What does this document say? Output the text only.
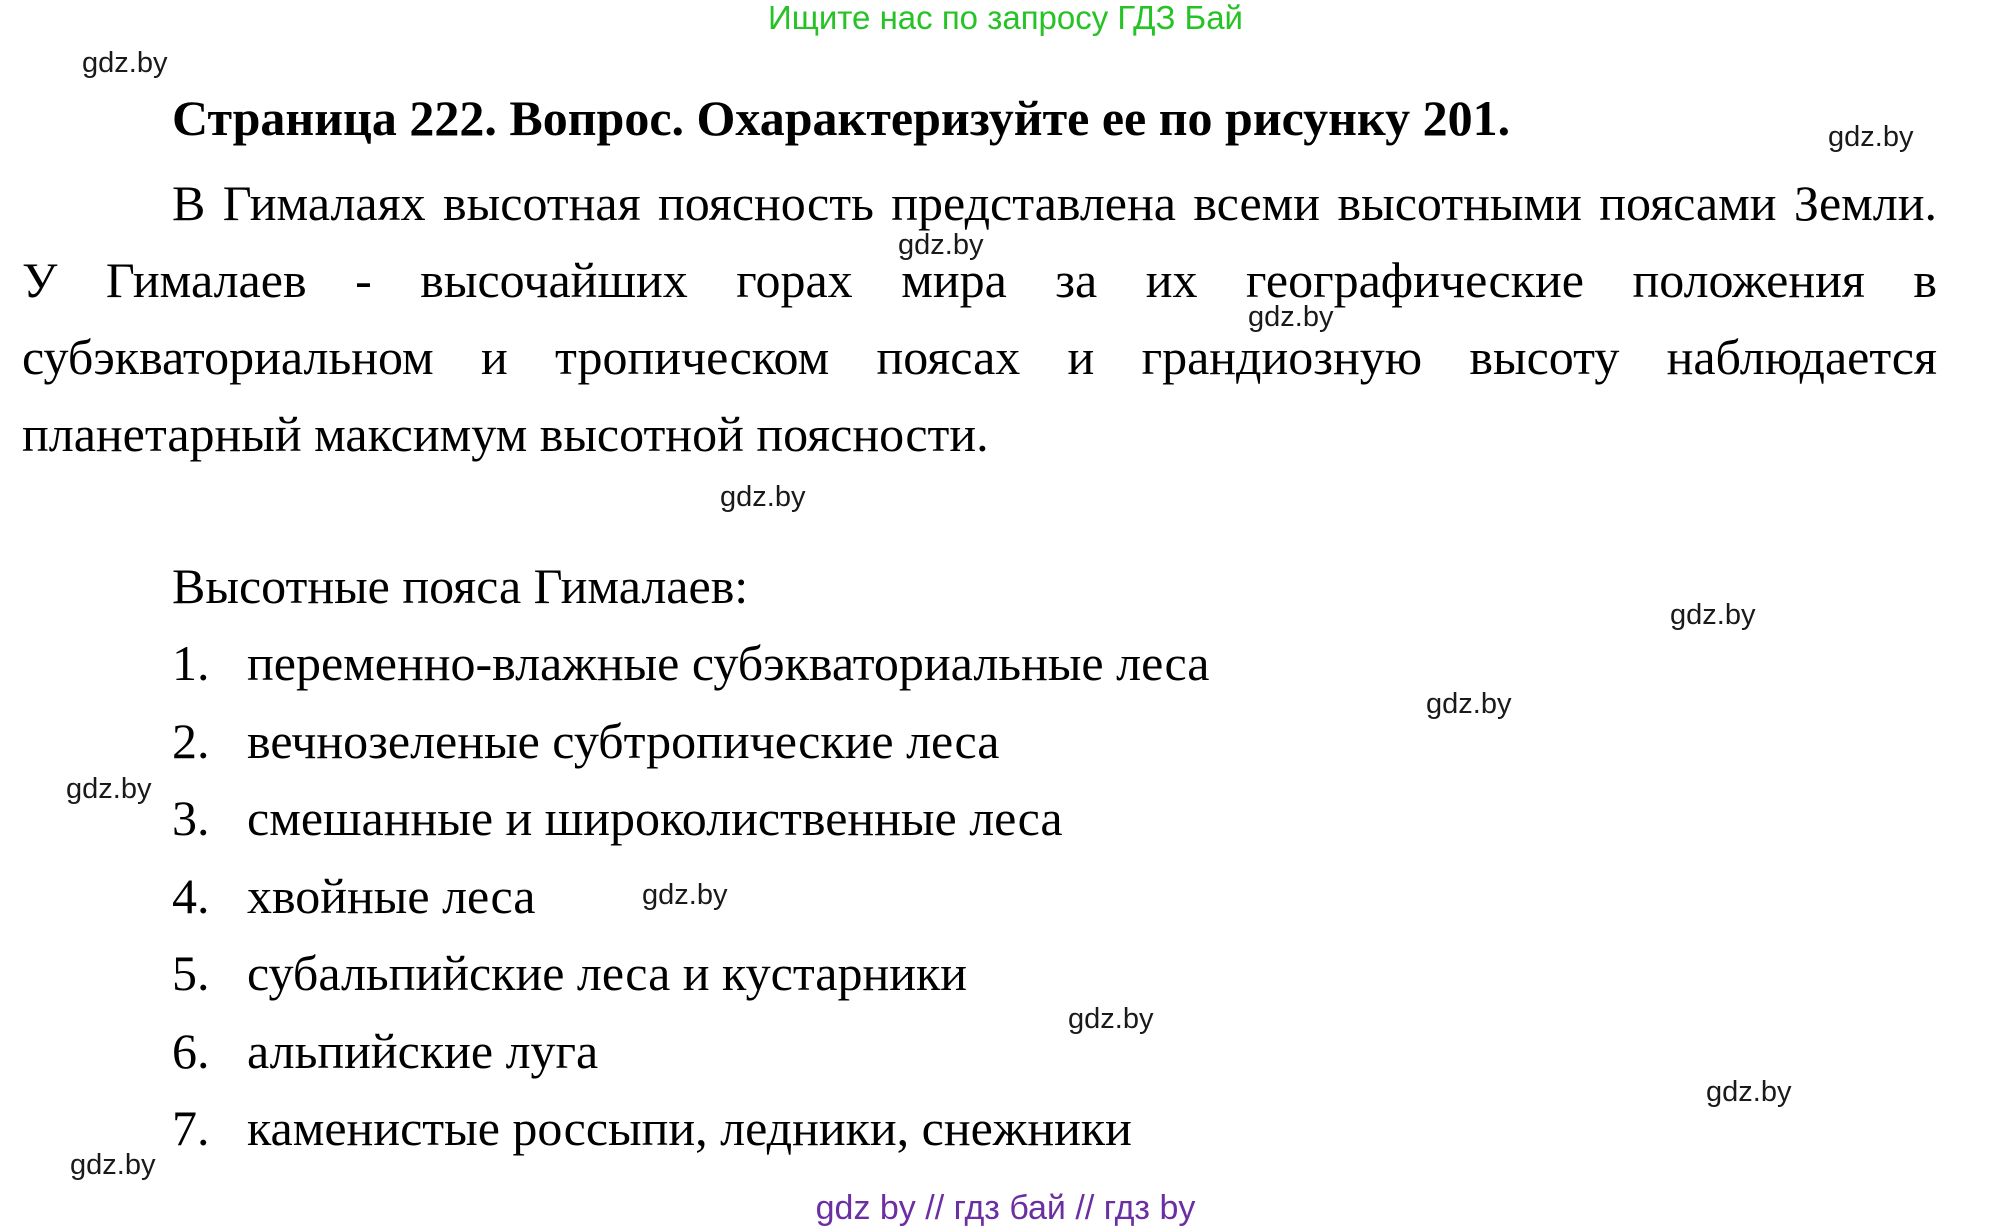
Ищите нас по запросу ГДЗ Бай
gdz.by
gdz.by
gdz.by
gdz.by
gdz.by
gdz.by
gdz.by
gdz.by
gdz.by
gdz.by
gdz.by
gdz.by
Страница 222. Вопрос. Охарактеризуйте ее по рисунку 201.

В Гималаях высотная поясность представлена всеми высотными поясами Земли. У Гималаев - высочайших горах мира за их географические положения в субэкваториальном и тропическом поясах и грандиозную высоту наблюдается планетарный максимум высотной поясности.

Высотные пояса Гималаев:
1. переменно-влажные субэкваториальные леса
2. вечнозеленые субтропические леса
3. смешанные и широколиственные леса
4. хвойные леса
5. субальпийские леса и кустарники
6. альпийские луга
7. каменистые россыпи, ледники, снежники
gdz by // гдз бай // гдз by
